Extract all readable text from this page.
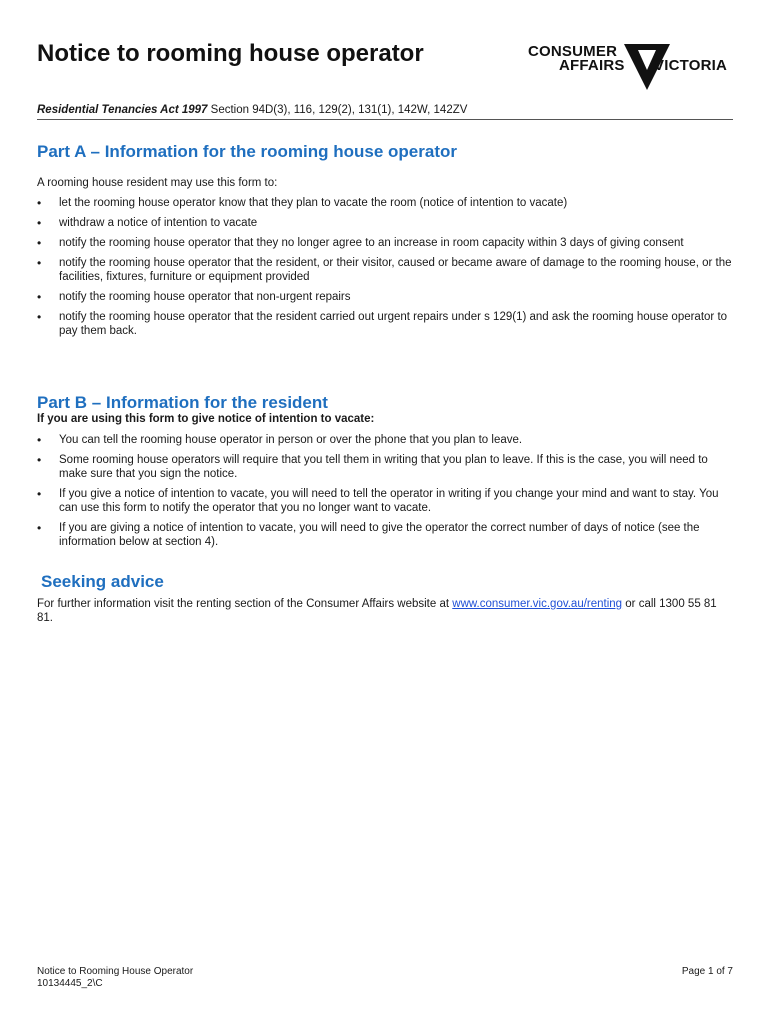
Notice to rooming house operator	CONSUMER
AFFAIRS VICTORIA
Residential Tenancies Act 1997 Section 94D(3), 116, 129(2), 131(1), 142W, 142ZV
Part A – Information for the rooming house operator

A rooming house resident may use this form to:

• let the rooming house operator know that they plan to vacate the room (notice of intention to vacate)
• withdraw a notice of intention to vacate
• notify the rooming house operator that they no longer agree to an increase in room capacity within 3 days of giving consent
• notify the rooming house operator that the resident, or their visitor, caused or became aware of damage to the rooming house, or the facilities, fixtures, furniture or equipment provided
• notify the rooming house operator that non-urgent repairs
• notify the rooming house operator that the resident carried out urgent repairs under s 129(1) and ask the rooming house operator to pay them back.
Part B – Information for the resident

If you are using this form to give notice of intention to vacate:

• You can tell the rooming house operator in person or over the phone that you plan to leave.
• Some rooming house operators will require that you tell them in writing that you plan to leave. If this is the case, you will need to make sure that you sign the notice.
• If you give a notice of intention to vacate, you will need to tell the operator in writing if you change your mind and want to stay. You can use this form to notify the operator that you no longer want to vacate.
• If you are giving a notice of intention to vacate, you will need to give the operator the correct number of days of notice (see the information below at section 4).
Seeking advice

For further information visit the renting section of the Consumer Affairs website at www.consumer.vic.gov.au/renting or call 1300 55 81 81.

Notice to Rooming House Operator
10134445_2\C
Page 1 of 7
